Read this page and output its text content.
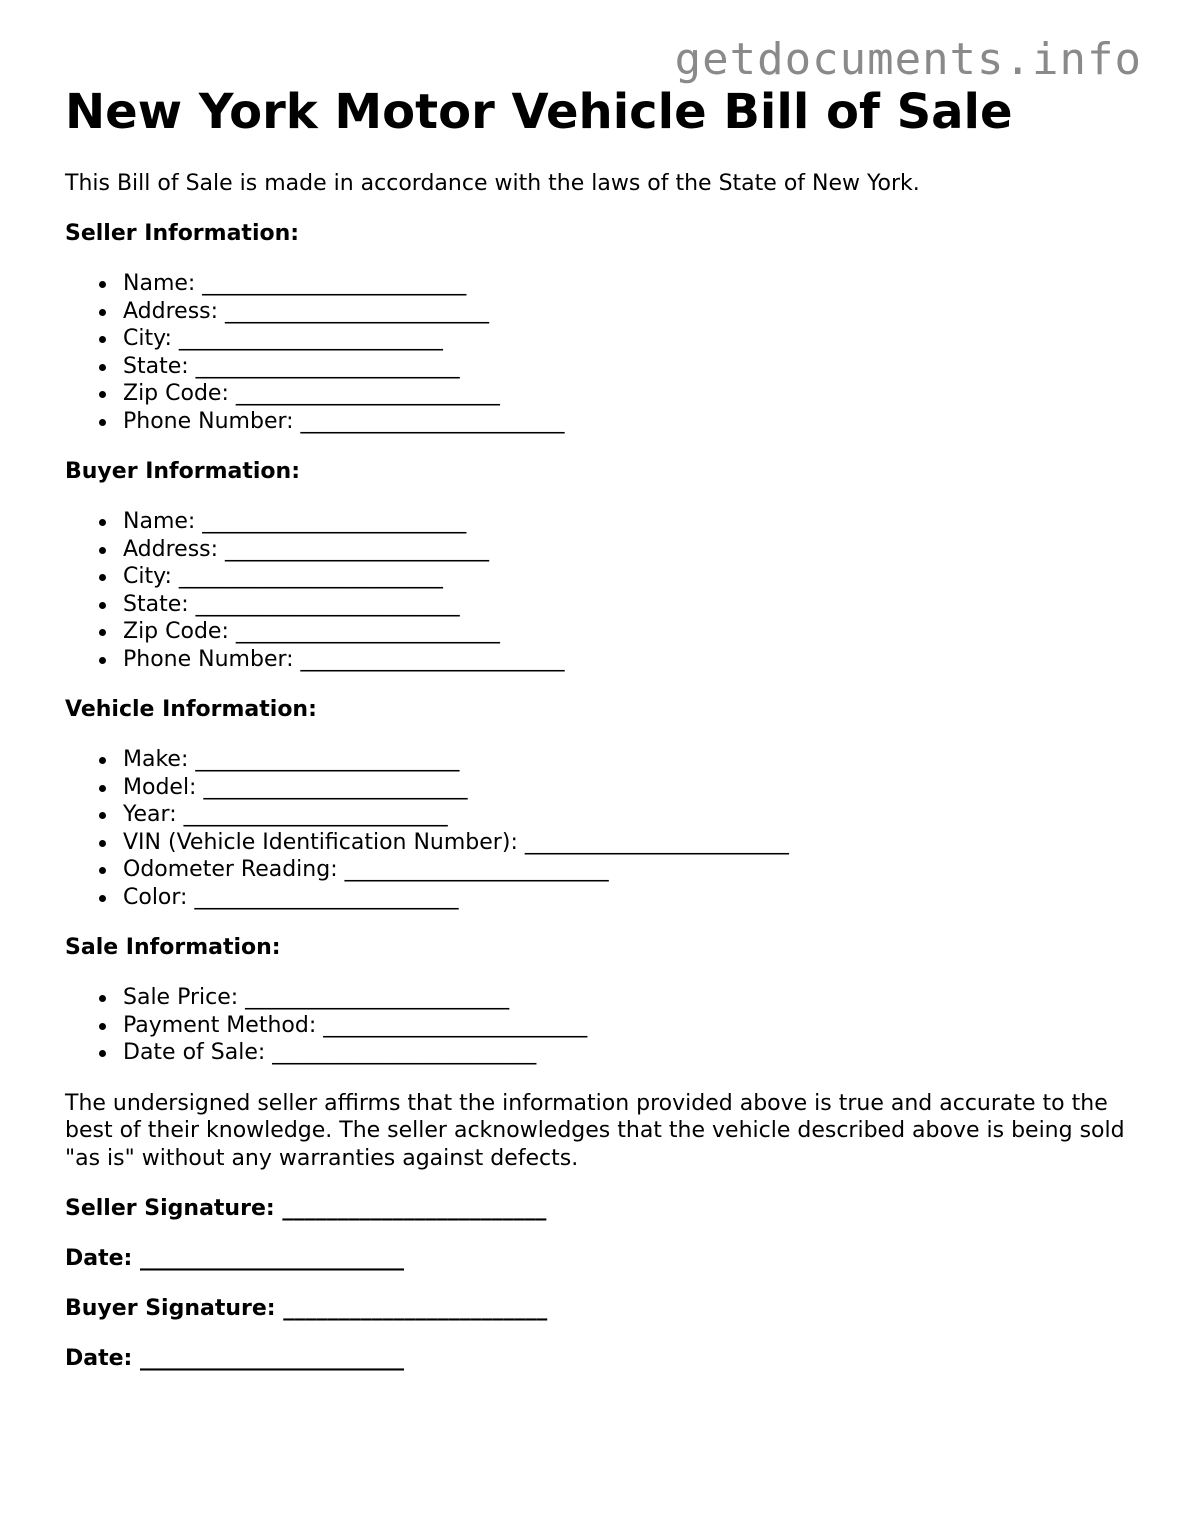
getdocuments.info
New York Motor Vehicle Bill of Sale

This Bill of Sale is made in accordance with the laws of the State of New York.

Seller Information:
Name: ________________________
Address: ________________________
City: ________________________
State: ________________________
Zip Code: ________________________
Phone Number: ________________________
Buyer Information:
Name: ________________________
Address: ________________________
City: ________________________
State: ________________________
Zip Code: ________________________
Phone Number: ________________________
Vehicle Information:
Make: ________________________
Model: ________________________
Year: ________________________
VIN (Vehicle Identification Number): ________________________
Odometer Reading: ________________________
Color: ________________________
Sale Information:
Sale Price: ________________________
Payment Method: ________________________
Date of Sale: ________________________

The undersigned seller affirms that the information provided above is true and accurate to the best of their knowledge. The seller acknowledges that the vehicle described above is being sold "as is" without any warranties against defects.

Seller Signature: ________________________

Date: ________________________

Buyer Signature: ________________________

Date: ________________________
